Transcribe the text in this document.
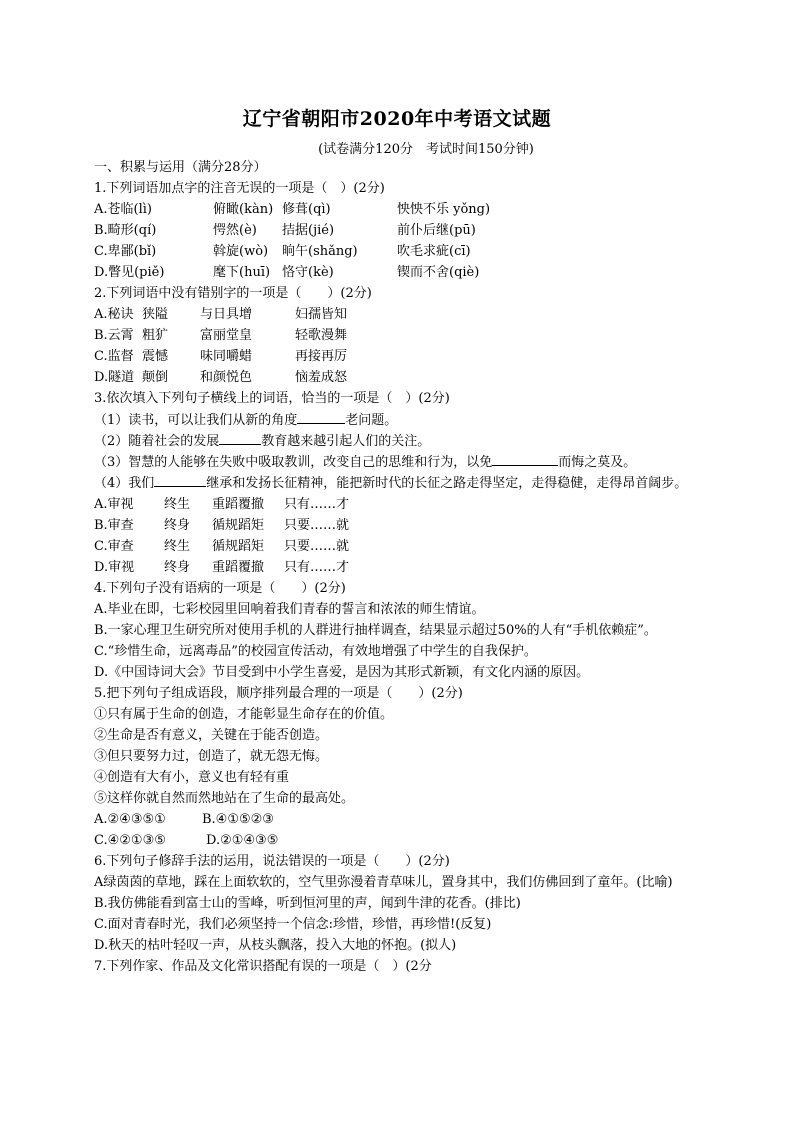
辽宁省朝阳市2020年中考语文试题
(试卷满分120分　考试时间150分钟)
一、积累与运用（满分28分）
1.下列词语加点字的注音无误的一项是（　）(2分)
A.苍临(lì)	俯瞰(kàn) 修葺(qì)	怏怏不乐 yǒng)
B.畸形(qí)	愕然(è) 拮据(jié)	前仆后继(pū)
C.卑鄙(bǐ)	斡旋(wò) 晌午(shǎng)	吹毛求疵(cī)
D.瞥见(piě)	麾下(huī) 恪守(kè)	锲而不舍(qiè)
2.下列词语中没有错别字的一项是（　　）(2分)
A.秘诀 狭隘 与日具增	妇孺皆知
B.云霄 粗犷 富丽堂皇	轻歌漫舞
C.监督 震憾 味同嚼蜡	再接再厉
D.隧道 颠倒 和颜悦色	恼羞成怒
3.依次填入下列句子横线上的词语，恰当的一项是（　）(2分)
（1）读书，可以让我们从新的角度	老问题。
（2）随着社会的发展	教育越来越引起人们的关注。
（3）智慧的人能够在失败中吸取教训，改变自己的思维和行为，以免	而悔之莫及。
（4）我们	继承和发扬长征精神，能把新时代的长征之路走得坚定，走得稳健，走得昂首阔步。
A.审视 终生 重蹈覆撤 只有……才
B.审查 终身 循规蹈矩 只要……就
C.审查 终生 循规蹈矩 只要……就
D.审视 终身 重蹈覆撤 只有……才
4.下列句子没有语病的一项是（　　）(2分)
A.毕业在即，七彩校园里回响着我们青春的誓言和浓浓的师生情谊。
B.一家心理卫生研究所对使用手机的人群进行抽样调查，结果显示超过50%的人有“手机依赖症”。
C.“珍惜生命，远离毒品”的校园宣传活动，有效地增强了中学生的自我保护。
D.《中国诗词大会》节目受到中小学生喜爱，是因为其形式新颖，有文化内涵的原因。
5.把下列句子组成语段，顺序排列最合理的一项是（　　）(2分)
①只有属于生命的创造，才能彰显生命存在的价值。
②生命是否有意义，关键在于能否创造。
③但只要努力过，创造了，就无怨无悔。
④创造有大有小，意义也有轻有重
⑤这样你就自然而然地站在了生命的最高处。
A.②④③⑤①	B.④①⑤②③
C.④②①③⑤	D.②①④③⑤
6.下列句子修辞手法的运用，说法错误的一项是（　　）(2分)
A绿茵茵的草地，踩在上面软软的，空气里弥漫着青草味儿，置身其中，我们仿佛回到了童年。(比喻)
B.我仿佛能看到富士山的雪峰，听到恒河里的声，闻到牛津的花香。(排比)
C.面对青春时光，我们必须坚持一个信念:珍惜，珍惜，再珍惜!(反复)
D.秋天的枯叶轻叹一声，从枝头飘落，投入大地的怀抱。(拟人)
7.下列作家、作品及文化常识搭配有误的一项是（　）(2分
